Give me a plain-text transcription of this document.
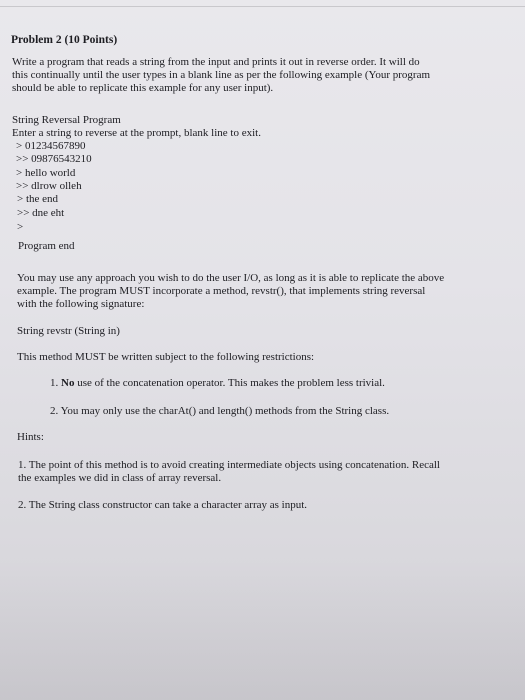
Problem 2 (10 Points)
Write a program that reads a string from the input and prints it out in reverse order. It will do
this continually until the user types in a blank line as per the following example (Your program
should be able to replicate this example for any user input).
String Reversal Program
Enter a string to reverse at the prompt, blank line to exit.
> 01234567890
>> 09876543210
> hello world
>> dlrow olleh
> the end
>> dne eht
>
Program end
You may use any approach you wish to do the user I/O, as long as it is able to replicate the above
example. The program MUST incorporate a method, revstr(), that implements string reversal
with the following signature:
String revstr (String in)
This method MUST be written subject to the following restrictions:
1. No use of the concatenation operator. This makes the problem less trivial.
2. You may only use the charAt() and length() methods from the String class.
Hints:
1. The point of this method is to avoid creating intermediate objects using concatenation. Recall
the examples we did in class of array reversal.
2. The String class constructor can take a character array as input.
